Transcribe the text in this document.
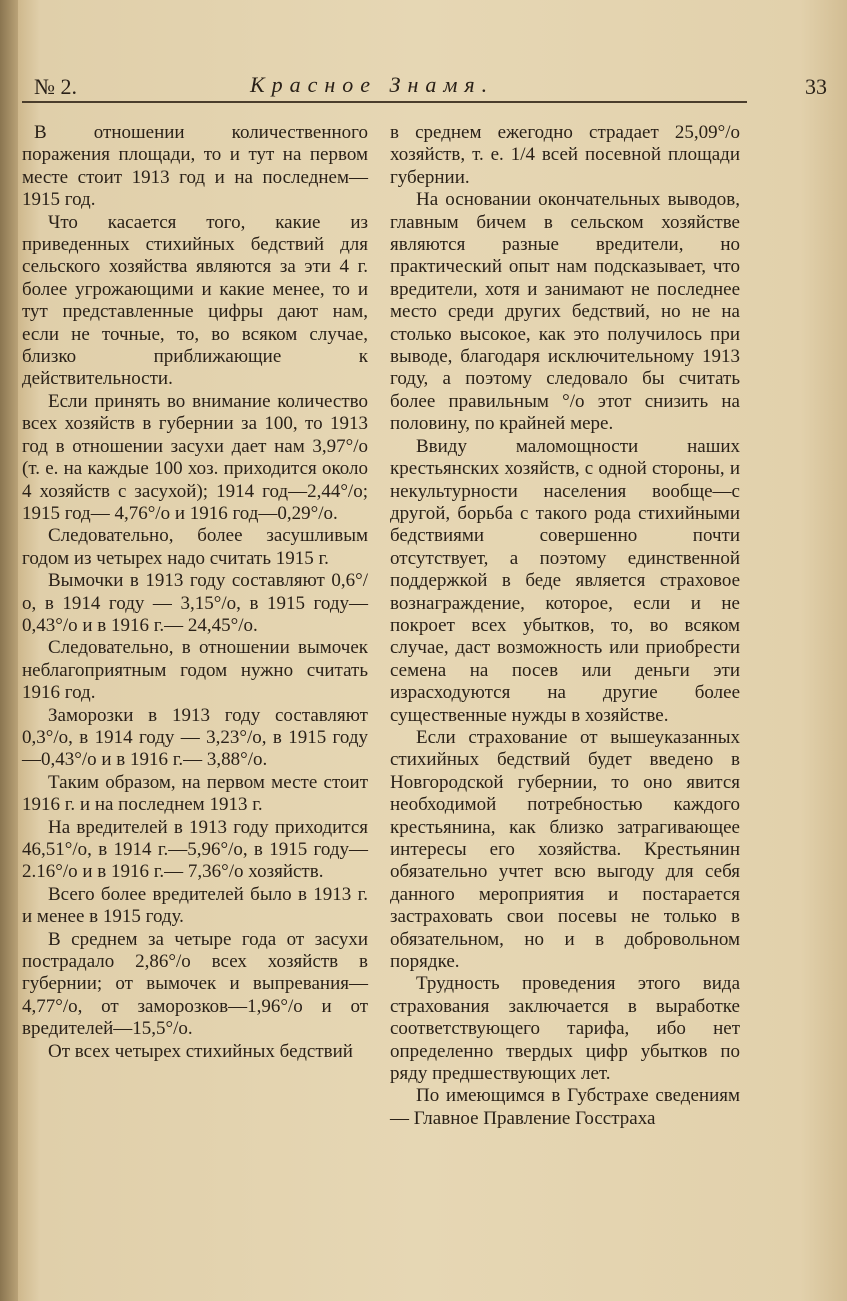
№ 2.	Красное Знамя.	33

В отношении количественного поражения площади, то и тут на первом месте стоит 1913 год и на последнем— 1915 год.

Что касается того, какие из приведенных стихийных бедствий для сельского хозяйства являются за эти 4 г. более угрожающими и какие менее, то и тут представленные цифры дают нам, если не точные, то, во всяком случае, близко приближающие к действительности.

Если принять во внимание количество всех хозяйств в губернии за 100, то 1913 год в отношении засухи дает нам 3,97°/о (т. е. на каждые 100 хоз. приходится около 4 хозяйств с засухой); 1914 год—2,44°/о; 1915 год— 4,76°/о и 1916 год—0,29°/о.

Следовательно, более засушливым годом из четырех надо считать 1915 г.

Вымочки в 1913 году составляют 0,6°/о, в 1914 году — 3,15°/о, в 1915 году—0,43°/о и в 1916 г.— 24,45°/о.

Следовательно, в отношении вымочек неблагоприятным годом нужно считать 1916 год.

Заморозки в 1913 году составляют 0,3°/о, в 1914 году — 3,23°/о, в 1915 году—0,43°/о и в 1916 г.— 3,88°/о.

Таким образом, на первом месте стоит 1916 г. и на последнем 1913 г.

На вредителей в 1913 году приходится 46,51°/о, в 1914 г.—5,96°/о, в 1915 году—2.16°/о и в 1916 г.— 7,36°/о хозяйств.

Всего более вредителей было в 1913 г. и менее в 1915 году.

В среднем за четыре года от засухи пострадало 2,86°/о всех хозяйств в губернии; от вымочек и выпревания— 4,77°/о, от заморозков—1,96°/о и от вредителей—15,5°/о.

От всех четырех стихийных бедствий

в среднем ежегодно страдает 25,09°/о хозяйств, т. е. 1/4 всей посевной площади губернии.

На основании окончательных выводов, главным бичем в сельском хозяйстве являются разные вредители, но практический опыт нам подсказывает, что вредители, хотя и занимают не последнее место среди других бедствий, но не на столько высокое, как это получилось при выводе, благодаря исключительному 1913 году, а поэтому следовало бы считать более правильным °/о этот снизить на половину, по крайней мере.

Ввиду маломощности наших крестьянских хозяйств, с одной стороны, и некультурности населения вообще—с другой, борьба с такого рода стихийными бедствиями совершенно почти отсутствует, а поэтому единственной поддержкой в беде является страховое вознаграждение, которое, если и не покроет всех убытков, то, во всяком случае, даст возможность или приобрести семена на посев или деньги эти израсходуются на другие более существенные нужды в хозяйстве.

Если страхование от вышеуказанных стихийных бедствий будет введено в Новгородской губернии, то оно явится необходимой потребностью каждого крестьянина, как близко затрагивающее интересы его хозяйства. Крестьянин обязательно учтет всю выгоду для себя данного мероприятия и постарается застраховать свои посевы не только в обязательном, но и в добровольном порядке.

Трудность проведения этого вида страхования заключается в выработке соответствующего тарифа, ибо нет определенно твердых цифр убытков по ряду предшествующих лет.

По имеющимся в Губстрахе сведениям — Главное Правление Госстраха
